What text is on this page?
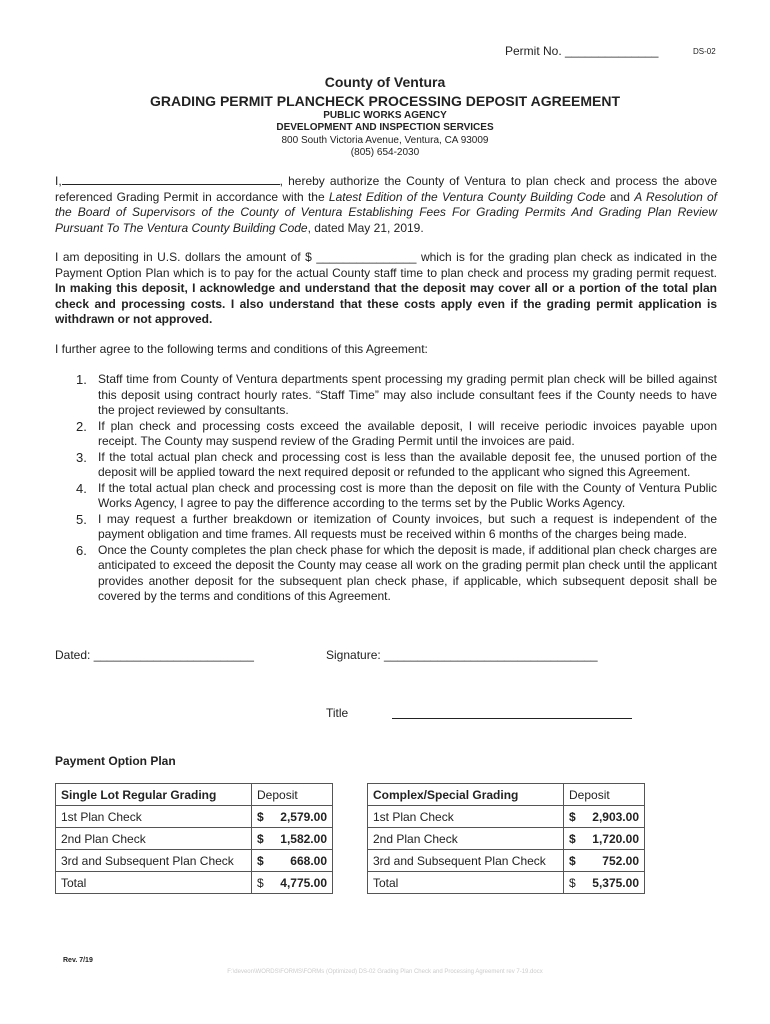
Permit No. ______________	DS-02
County of Ventura
GRADING PERMIT PLANCHECK PROCESSING DEPOSIT AGREEMENT
PUBLIC WORKS AGENCY
DEVELOPMENT AND INSPECTION SERVICES
800 South Victoria Avenue, Ventura, CA 93009
(805) 654-2030
I,	, hereby authorize the County of Ventura to plan check and process the above referenced Grading Permit in accordance with the Latest Edition of the Ventura County Building Code and A Resolution of the Board of Supervisors of the County of Ventura Establishing Fees For Grading Permits And Grading Plan Review Pursuant To The Ventura County Building Code, dated May 21, 2019.
I am depositing in U.S. dollars the amount of $ _______________ which is for the grading plan check as indicated in the Payment Option Plan which is to pay for the actual County staff time to plan check and process my grading permit request. In making this deposit, I acknowledge and understand that the deposit may cover all or a portion of the total plan check and processing costs. I also understand that these costs apply even if the grading permit application is withdrawn or not approved.
I further agree to the following terms and conditions of this Agreement:
1. Staff time from County of Ventura departments spent processing my grading permit plan check will be billed against this deposit using contract hourly rates. “Staff Time” may also include consultant fees if the County needs to have the project reviewed by consultants.
2. If plan check and processing costs exceed the available deposit, I will receive periodic invoices payable upon receipt. The County may suspend review of the Grading Permit until the invoices are paid.
3. If the total actual plan check and processing cost is less than the available deposit fee, the unused portion of the deposit will be applied toward the next required deposit or refunded to the applicant who signed this Agreement.
4. If the total actual plan check and processing cost is more than the deposit on file with the County of Ventura Public Works Agency, I agree to pay the difference according to the terms set by the Public Works Agency.
5. I may request a further breakdown or itemization of County invoices, but such a request is independent of the payment obligation and time frames. All requests must be received within 6 months of the charges being made.
6. Once the County completes the plan check phase for which the deposit is made, if additional plan check charges are anticipated to exceed the deposit the County may cease all work on the grading permit plan check until the applicant provides another deposit for the subsequent plan check phase, if applicable, which subsequent deposit shall be covered by the terms and conditions of this Agreement.
Dated: ________________________	Signature: ________________________________
Title
Payment Option Plan
Single Lot Regular Grading	Deposit
1st Plan Check	$ 2,579.00

2nd Plan Check	$ 1,582.00

3rd and Subsequent Plan Check	$ 668.00

Total	$ 4,775.00
Complex/Special Grading	Deposit
1st Plan Check	$ 2,903.00

2nd Plan Check	$ 1,720.00

3rd and Subsequent Plan Check	$ 752.00

Total	$ 5,375.00
Rev. 7/19
F:\deveon\WORDS\FORMS\FORMs (Optimized) DS-02 Grading Plan Check and Processing Agreement rev 7-19.docx
